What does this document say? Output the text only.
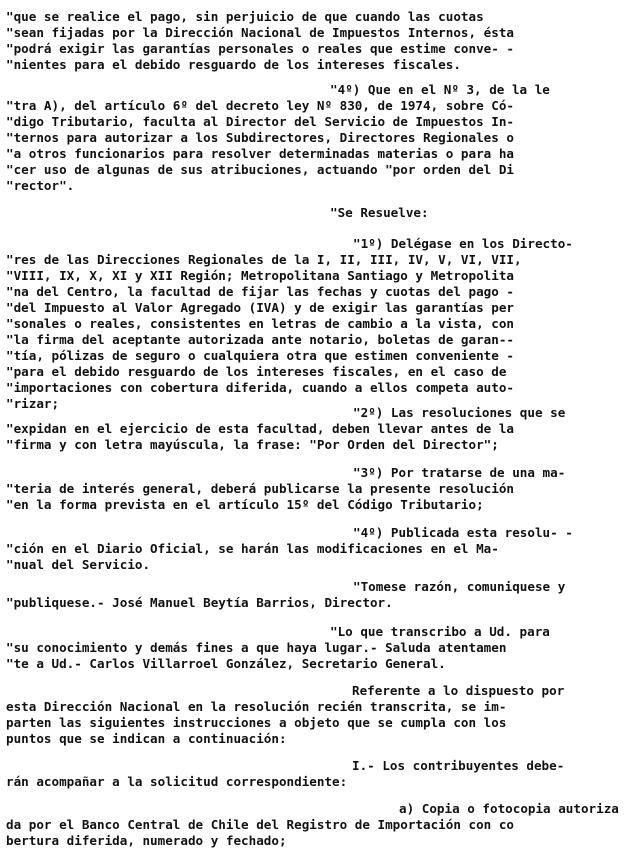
"que se realice el pago, sin perjuicio de que cuando las cuotas
"sean fijadas por la Dirección Nacional de Impuestos Internos, ésta
"podrá exigir las garantías personales o reales que estime conve- -
"nientes para el debido resguardo de los intereses fiscales.
"4º) Que en el Nº 3, de la le
"tra A), del artículo 6º del decreto ley Nº 830, de 1974, sobre Có-
"digo Tributario, faculta al Director del Servicio de Impuestos In-
"ternos para autorizar a los Subdirectores, Directores Regionales o
"a otros funcionarios para resolver determinadas materias o para ha
"cer uso de algunas de sus atribuciones, actuando "por orden del Di
"rector".
"Se Resuelve:
"1º) Delégase en los Directo-
"res de las Direcciones Regionales de la I, II, III, IV, V, VI, VII,
"VIII, IX, X, XI y XII Región; Metropolitana Santiago y Metropolita
"na del Centro, la facultad de fijar las fechas y cuotas del pago -
"del Impuesto al Valor Agregado (IVA) y de exigir las garantías per
"sonales o reales, consistentes en letras de cambio a la vista, con
"la firma del aceptante autorizada ante notario, boletas de garan--
"tía, pólizas de seguro o cualquiera otra que estimen conveniente -
"para el debido resguardo de los intereses fiscales, en el caso de
"importaciones con cobertura diferida, cuando a ellos competa auto-
"rizar;
"2º) Las resoluciones que se
"expidan en el ejercicio de esta facultad, deben llevar antes de la
"firma y con letra mayúscula, la frase: "Por Orden del Director";
"3º) Por tratarse de una ma-
"teria de interés general, deberá publicarse la presente resolución
"en la forma prevista en el artículo 15º del Código Tributario;
"4º) Publicada esta resolu- -
"ción en el Diario Oficial, se harán las modificaciones en el Ma-
"nual del Servicio.
"Tomese razón, comuniquese y
"publiquese.- José Manuel Beytía Barrios, Director.
"Lo que transcribo a Ud. para
"su conocimiento y demás fines a que haya lugar.- Saluda atentamen
"te a Ud.- Carlos Villarroel González, Secretario General.
Referente a lo dispuesto por
esta Dirección Nacional en la resolución recién transcrita, se im-
parten las siguientes instrucciones a objeto que se cumpla con los
puntos que se indican a continuación:
I.- Los contribuyentes debe-
rán acompañar a la solicitud correspondiente:
a) Copia o fotocopia autoriza
da por el Banco Central de Chile del Registro de Importación con co
bertura diferida, numerado y fechado;
